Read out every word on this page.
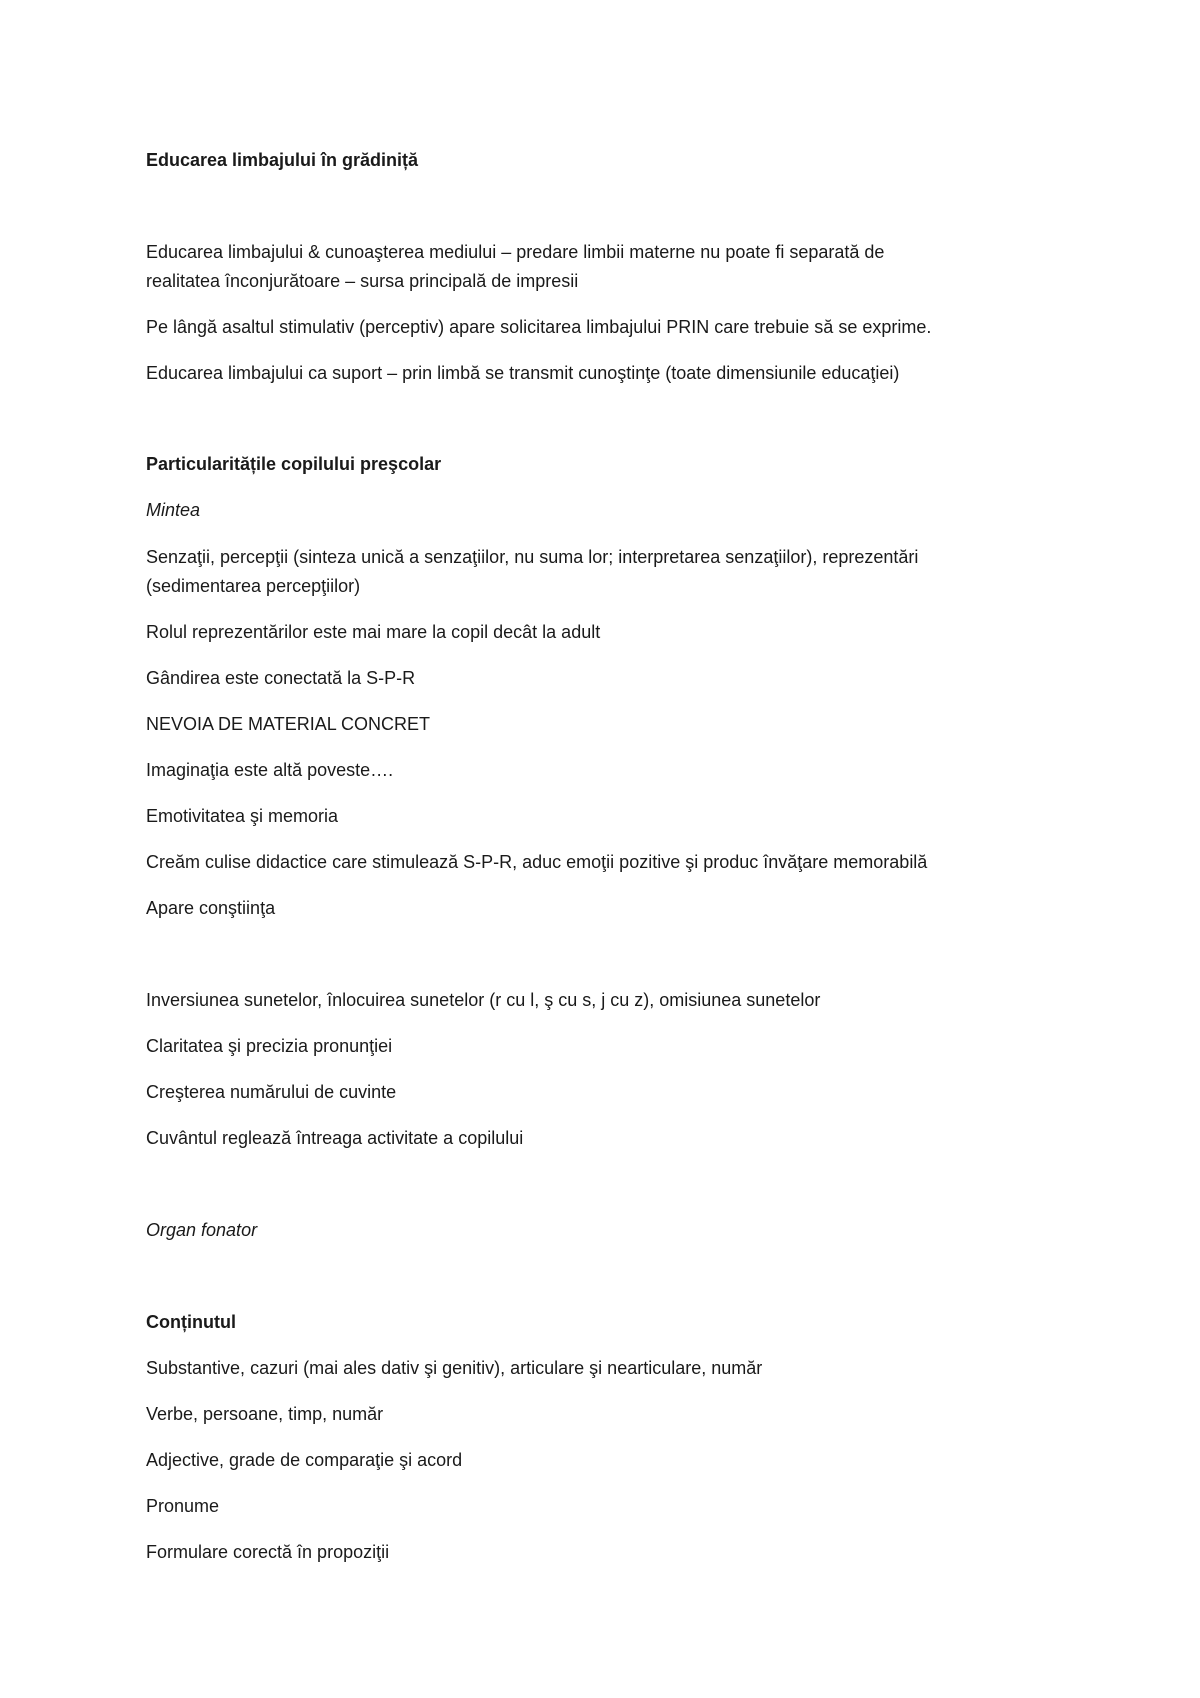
Educarea limbajului în grădiniță
Educarea limbajului & cunoaşterea mediului – predare limbii materne nu poate fi separată de
realitatea înconjurătoare – sursa principală de impresii
Pe lângă asaltul stimulativ (perceptiv) apare solicitarea limbajului PRIN care trebuie să se exprime.
Educarea limbajului ca suport – prin limbă se transmit cunoştinţe (toate dimensiunile educaţiei)
Particularitățile copilului preşcolar
Mintea
Senzaţii, percepţii (sinteza unică a senzaţiilor, nu suma lor; interpretarea senzaţiilor), reprezentări
(sedimentarea percepţiilor)
Rolul reprezentărilor este mai mare la copil decât la adult
Gândirea este conectată la S-P-R
NEVOIA DE MATERIAL CONCRET
Imaginaţia este altă poveste….
Emotivitatea şi memoria
Creăm culise didactice care stimulează S-P-R, aduc emoţii pozitive şi produc învăţare memorabilă
Apare conştiinţa
Inversiunea sunetelor, înlocuirea sunetelor (r cu l, ş cu s, j cu z), omisiunea sunetelor
Claritatea şi precizia pronunţiei
Creşterea numărului de cuvinte
Cuvântul reglează întreaga activitate a copilului
Organ fonator
Conținutul
Substantive, cazuri (mai ales dativ şi genitiv), articulare şi nearticulare, număr
Verbe, persoane, timp, număr
Adjective, grade de comparaţie şi acord
Pronume
Formulare corectă în propoziţii
